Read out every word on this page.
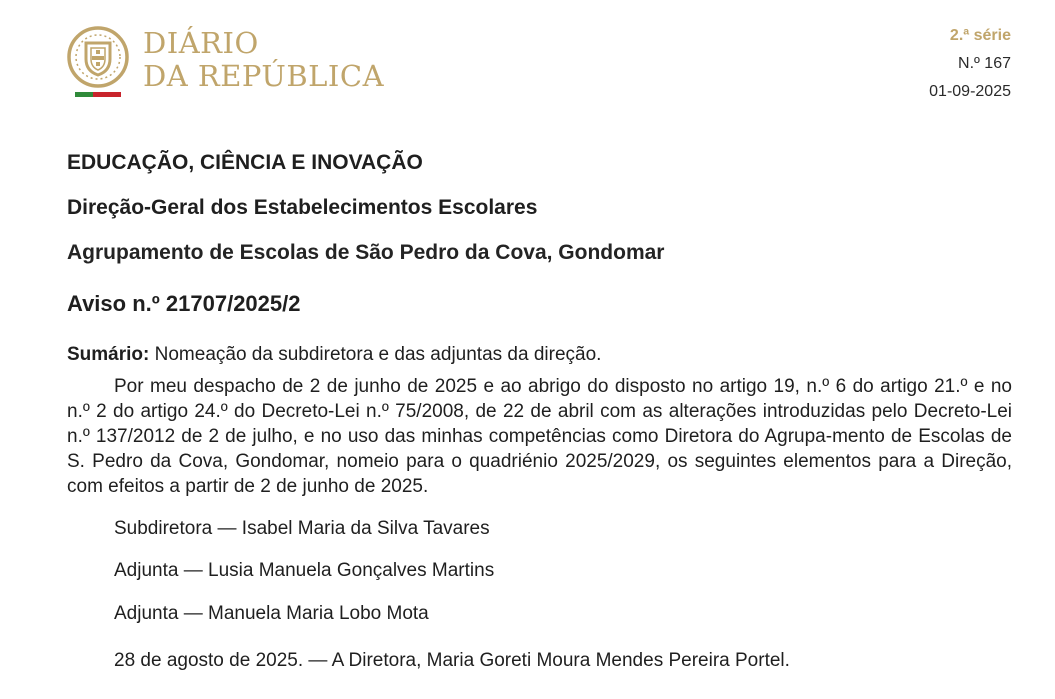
DIÁRIO
DA REPÚBLICA
2.ª série
N.º 167
01-09-2025
EDUCAÇÃO, CIÊNCIA E INOVAÇÃO
Direção-Geral dos Estabelecimentos Escolares
Agrupamento de Escolas de São Pedro da Cova, Gondomar
Aviso n.º 21707/2025/2
Sumário: Nomeação da subdiretora e das adjuntas da direção.
Por meu despacho de 2 de junho de 2025 e ao abrigo do disposto no artigo 19, n.º 6 do artigo 21.º e no n.º 2 do artigo 24.º do Decreto-Lei n.º 75/2008, de 22 de abril com as alterações introduzidas pelo Decreto-Lei n.º 137/2012 de 2 de julho, e no uso das minhas competências como Diretora do Agrupa-mento de Escolas de S. Pedro da Cova, Gondomar, nomeio para o quadriénio 2025/2029, os seguintes elementos para a Direção, com efeitos a partir de 2 de junho de 2025.
Subdiretora — Isabel Maria da Silva Tavares
Adjunta — Lusia Manuela Gonçalves Martins
Adjunta — Manuela Maria Lobo Mota
28 de agosto de 2025. — A Diretora, Maria Goreti Moura Mendes Pereira Portel.
